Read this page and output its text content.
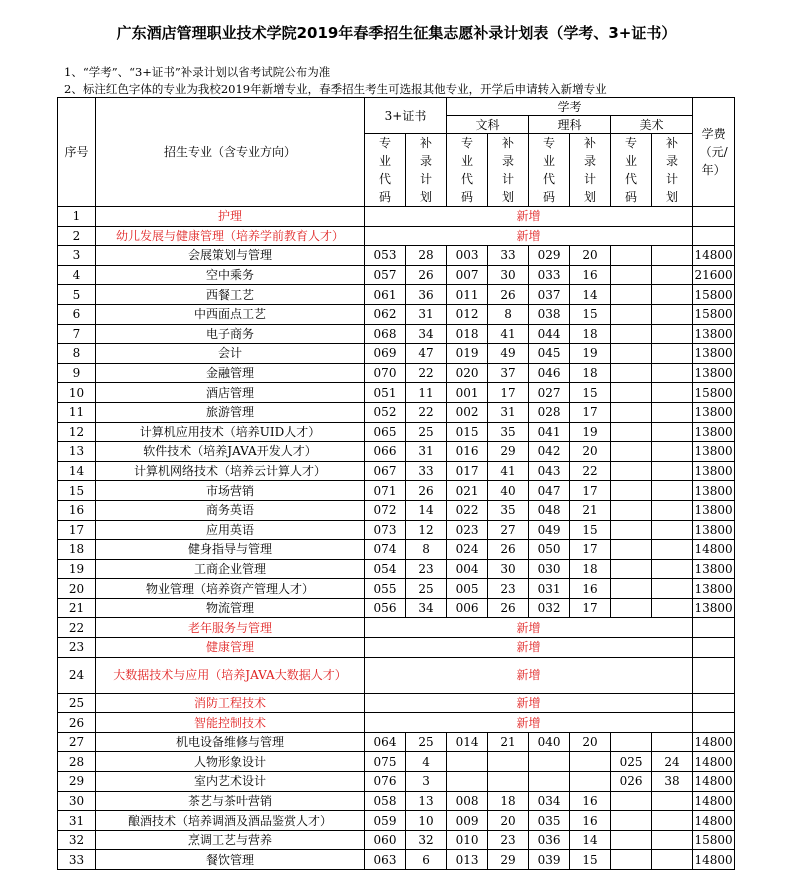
广东酒店管理职业技术学院2019年春季招生征集志愿补录计划表（学考、3+证书）
1、“学考”、“3+证书”补录计划以省考试院公布为准
2、标注红色字体的专业为我校2019年新增专业，春季招生考生可选报其他专业，开学后申请转入新增专业
序号	招生专业（含专业方向）	3+证书		学考						学费（元/年）
				文科		理科		美术		
		专业代码	补录计划	专业代码	补录计划	专业代码	补录计划	专业代码	补录计划	
1	护理	新增								
2	幼儿发展与健康管理（培养学前教育人才）	新增								
3	会展策划与管理	053	28	003	33	029	20			14800
4	空中乘务	057	26	007	30	033	16			21600
5	西餐工艺	061	36	011	26	037	14			15800
6	中西面点工艺	062	31	012	8	038	15			15800
7	电子商务	068	34	018	41	044	18			13800
8	会计	069	47	019	49	045	19			13800
9	金融管理	070	22	020	37	046	18			13800
10	酒店管理	051	11	001	17	027	15			15800
11	旅游管理	052	22	002	31	028	17			13800
12	计算机应用技术（培养UID人才）	065	25	015	35	041	19			13800
13	软件技术（培养JAVA开发人才）	066	31	016	29	042	20			13800
14	计算机网络技术（培养云计算人才）	067	33	017	41	043	22			13800
15	市场营销	071	26	021	40	047	17			13800
16	商务英语	072	14	022	35	048	21			13800
17	应用英语	073	12	023	27	049	15			13800
18	健身指导与管理	074	8	024	26	050	17			14800
19	工商企业管理	054	23	004	30	030	18			13800
20	物业管理（培养资产管理人才）	055	25	005	23	031	16			13800
21	物流管理	056	34	006	26	032	17			13800
22	老年服务与管理	新增								
23	健康管理	新增								
24	大数据技术与应用（培养JAVA大数据人才）	新增								
25	消防工程技术	新增								
26	智能控制技术	新增								
27	机电设备维修与管理	064	25	014	21	040	20			14800
28	人物形象设计	075	4					025	24	14800
29	室内艺术设计	076	3					026	38	14800
30	茶艺与茶叶营销	058	13	008	18	034	16			14800
31	酿酒技术（培养调酒及酒品鉴赏人才）	059	10	009	20	035	16			14800
32	烹调工艺与营养	060	32	010	23	036	14			15800
33	餐饮管理	063	6	013	29	039	15			14800
